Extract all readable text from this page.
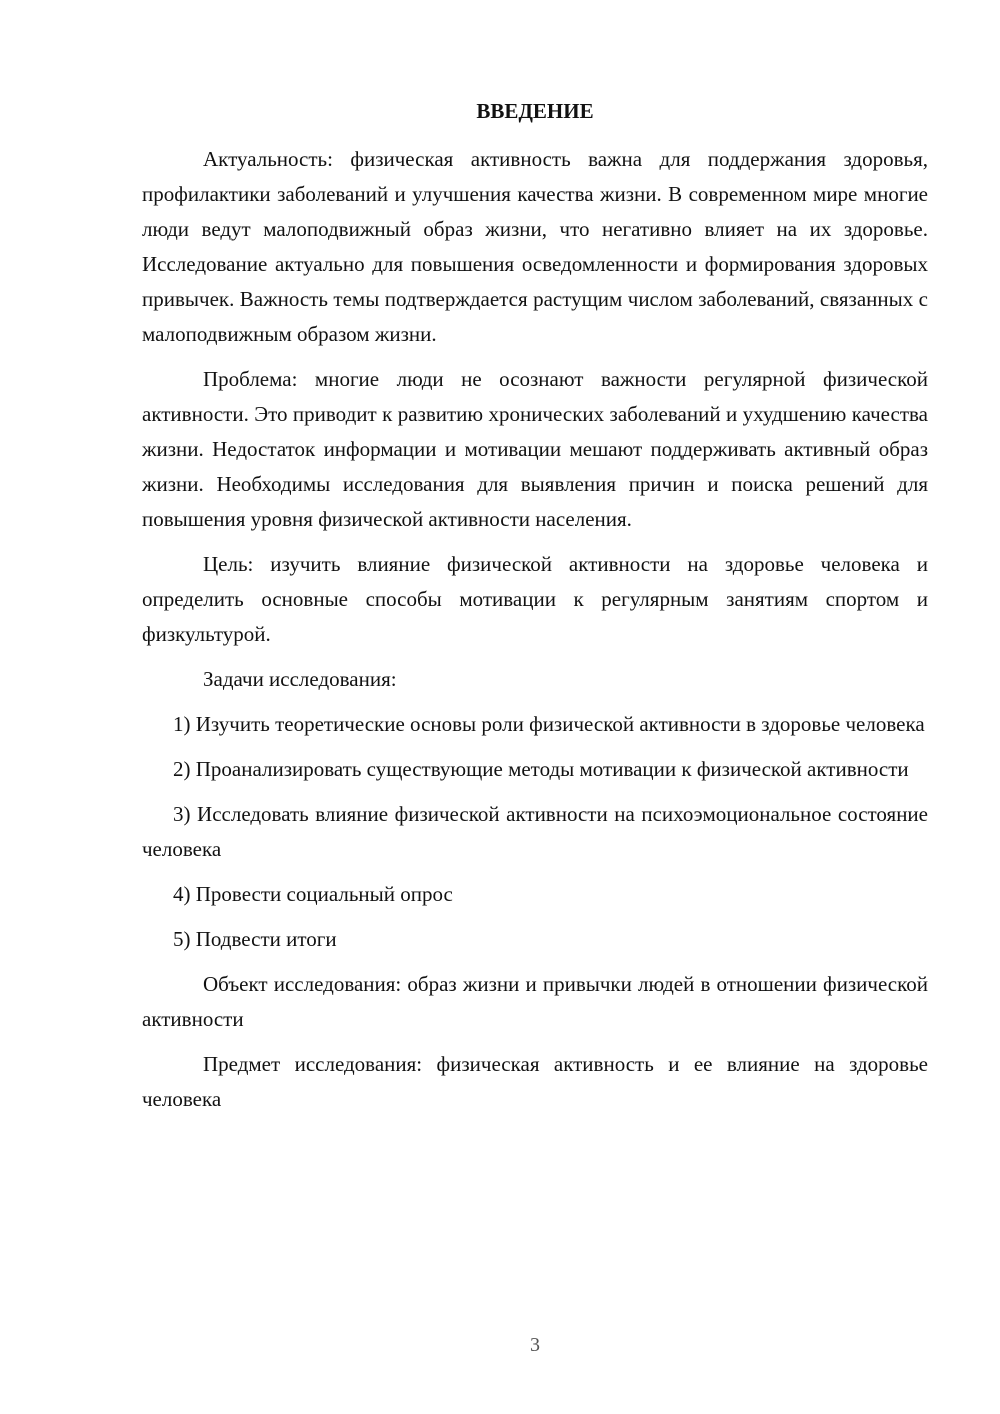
ВВЕДЕНИЕ

Актуальность: физическая активность важна для поддержания здоровья, профилактики заболеваний и улучшения качества жизни. В современном мире многие люди ведут малоподвижный образ жизни, что негативно влияет на их здоровье. Исследование актуально для повышения осведомленности и формирования здоровых привычек. Важность темы подтверждается растущим числом заболеваний, связанных с малоподвижным образом жизни.

Проблема: многие люди не осознают важности регулярной физической активности. Это приводит к развитию хронических заболеваний и ухудшению качества жизни. Недостаток информации и мотивации мешают поддерживать активный образ жизни. Необходимы исследования для выявления причин и поиска решений для повышения уровня физической активности населения.

Цель: изучить влияние физической активности на здоровье человека и определить основные способы мотивации к регулярным занятиям спортом и физкультурой.

Задачи исследования:

1) Изучить теоретические основы роли физической активности в здоровье человека

2) Проанализировать существующие методы мотивации к физической активности

3) Исследовать влияние физической активности на психоэмоциональное состояние человека

4) Провести социальный опрос

5) Подвести итоги

Объект исследования: образ жизни и привычки людей в отношении физической активности

Предмет исследования: физическая активность и ее влияние на здоровье человека

3
